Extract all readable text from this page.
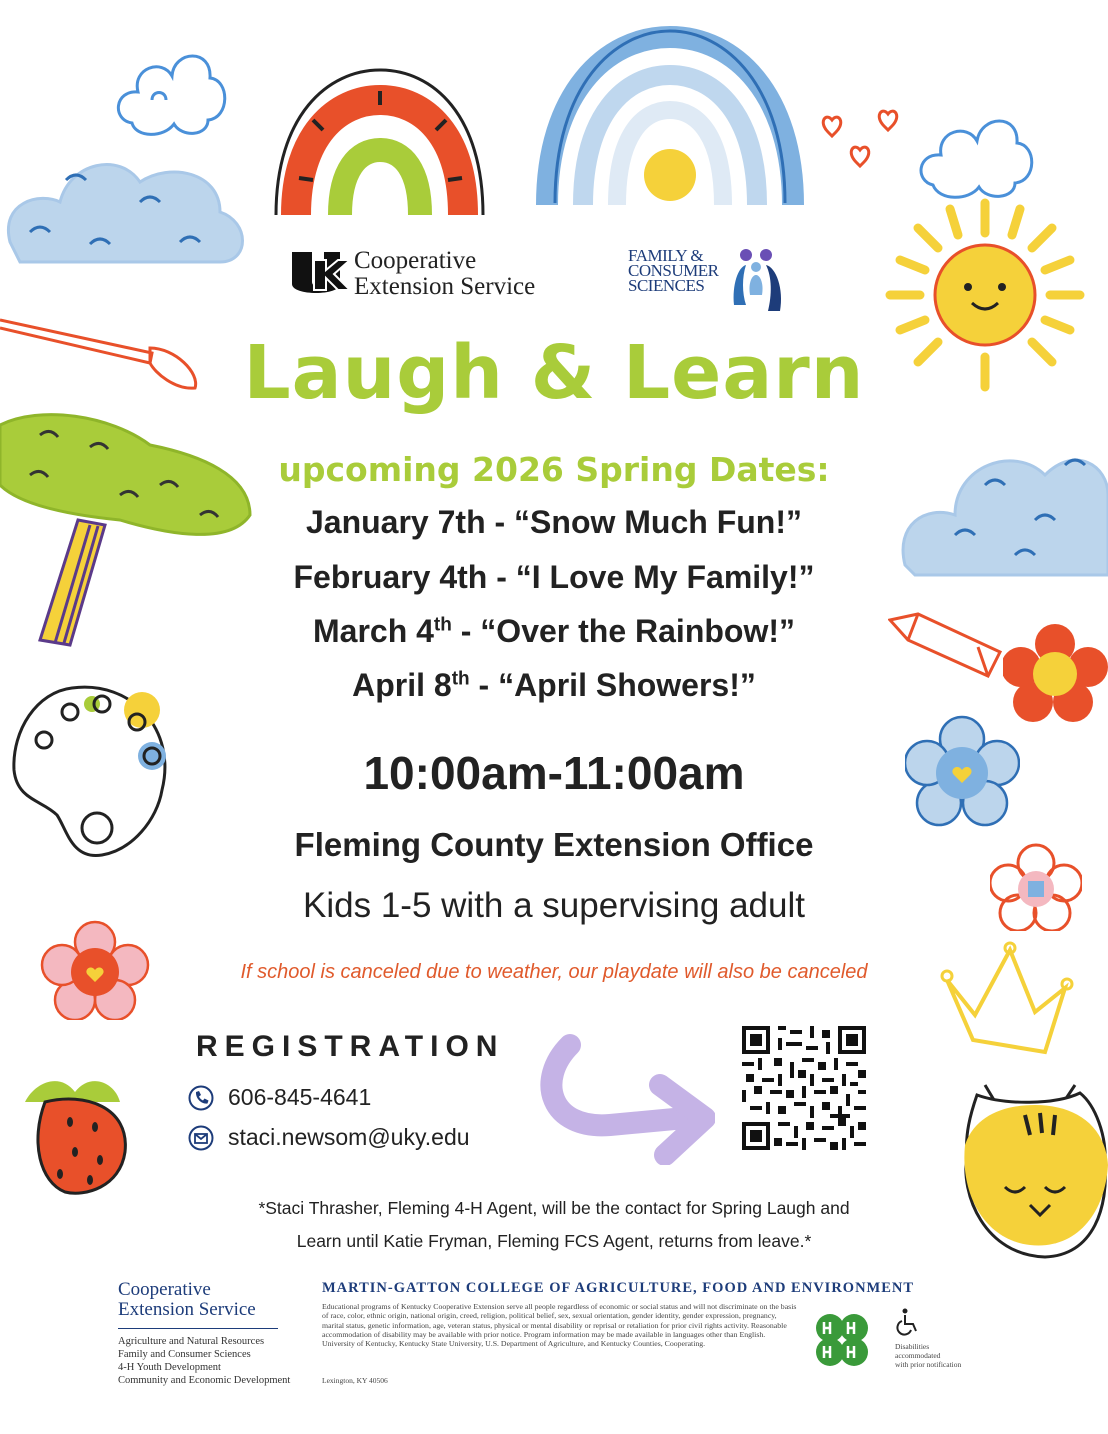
Cooperative
Extension Service
FAMILY &
CONSUMER
SCIENCES
Laugh & Learn
upcoming 2026 Spring Dates:
January 7th - “Snow Much Fun!”
February 4th - “I Love My Family!”
March 4th - “Over the Rainbow!”
April 8th - “April Showers!”
10:00am-11:00am
Fleming County Extension Office
Kids 1-5 with a supervising adult
If school is canceled due to weather, our playdate will also be canceled
REGISTRATION
606-845-4641
staci.newsom@uky.edu
*Staci Thrasher, Fleming 4-H Agent, will be the contact for Spring Laugh and
Learn until Katie Fryman, Fleming FCS Agent, returns from leave.*
Cooperative
Extension Service
Agriculture and Natural Resources
Family and Consumer Sciences
4-H Youth Development
Community and Economic Development
MARTIN-GATTON COLLEGE OF AGRICULTURE, FOOD AND ENVIRONMENT
Educational programs of Kentucky Cooperative Extension serve all people regardless of economic or social status and will not discriminate on the basis of race, color, ethnic origin, national origin, creed, religion, political belief, sex, sexual orientation, gender identity, gender expression, pregnancy, marital status, genetic information, age, veteran status, physical or mental disability or reprisal or retaliation for prior civil rights activity. Reasonable accommodation of disability may be available with prior notice. Program information may be made available in languages other than English. University of Kentucky, Kentucky State University, U.S. Department of Agriculture, and Kentucky Counties, Cooperating.
Lexington, KY 40506
Disabilities
accommodated
with prior notification
